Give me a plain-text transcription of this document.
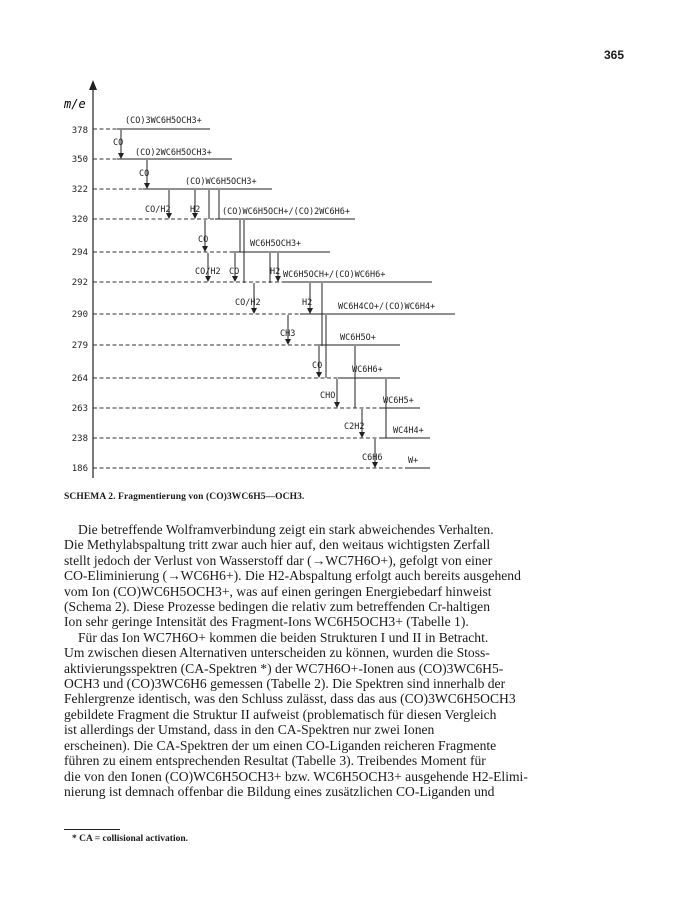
365
m/e
378
350
322
320
294
292
290
279
264
263
238
186
(CO)3WC6H5OCH3+
(CO)2WC6H5OCH3+
(CO)WC6H5OCH3+
(CO)WC6H5OCH+/(CO)2WC6H6+
WC6H5OCH3+
WC6H5OCH+/(CO)WC6H6+
WC6H4CO+/(CO)WC6H4+
WC6H5O+
WC6H6+
WC6H5+
WC4H4+
W+
CO
CO
CO/H2 H2
CO
CO/H2 CO	H2
CO/H2	H2
CH3
CO
CHO
C2H2
C6H6
SCHEMA 2. Fragmentierung von (CO)3WC6H5—OCH3.
Die betreffende Wolframverbindung zeigt ein stark abweichendes Verhalten.
Die Methylabspaltung tritt zwar auch hier auf, den weitaus wichtigsten Zerfall
stellt jedoch der Verlust von Wasserstoff dar (→WC7H6O+), gefolgt von einer
CO-Eliminierung (→WC6H6+). Die H2-Abspaltung erfolgt auch bereits ausgehend
vom Ion (CO)WC6H5OCH3+, was auf einen geringen Energiebedarf hinweist
(Schema 2). Diese Prozesse bedingen die relativ zum betreffenden Cr-haltigen
Ion sehr geringe Intensität des Fragment-Ions WC6H5OCH3+ (Tabelle 1).
Für das Ion WC7H6O+ kommen die beiden Strukturen I und II in Betracht.
Um zwischen diesen Alternativen unterscheiden zu können, wurden die Stoss-
aktivierungsspektren (CA-Spektren *) der WC7H6O+-Ionen aus (CO)3WC6H5-
OCH3 und (CO)3WC6H6 gemessen (Tabelle 2). Die Spektren sind innerhalb der
Fehlergrenze identisch, was den Schluss zulässt, dass das aus (CO)3WC6H5OCH3
gebildete Fragment die Struktur II aufweist (problematisch für diesen Vergleich
ist allerdings der Umstand, dass in den CA-Spektren nur zwei Ionen
erscheinen). Die CA-Spektren der um einen CO-Liganden reicheren Fragmente
führen zu einem entsprechenden Resultat (Tabelle 3). Treibendes Moment für
die von den Ionen (CO)WC6H5OCH3+ bzw. WC6H5OCH3+ ausgehende H2-Elimi-
nierung ist demnach offenbar die Bildung eines zusätzlichen CO-Liganden und
* CA = collisional activation.
